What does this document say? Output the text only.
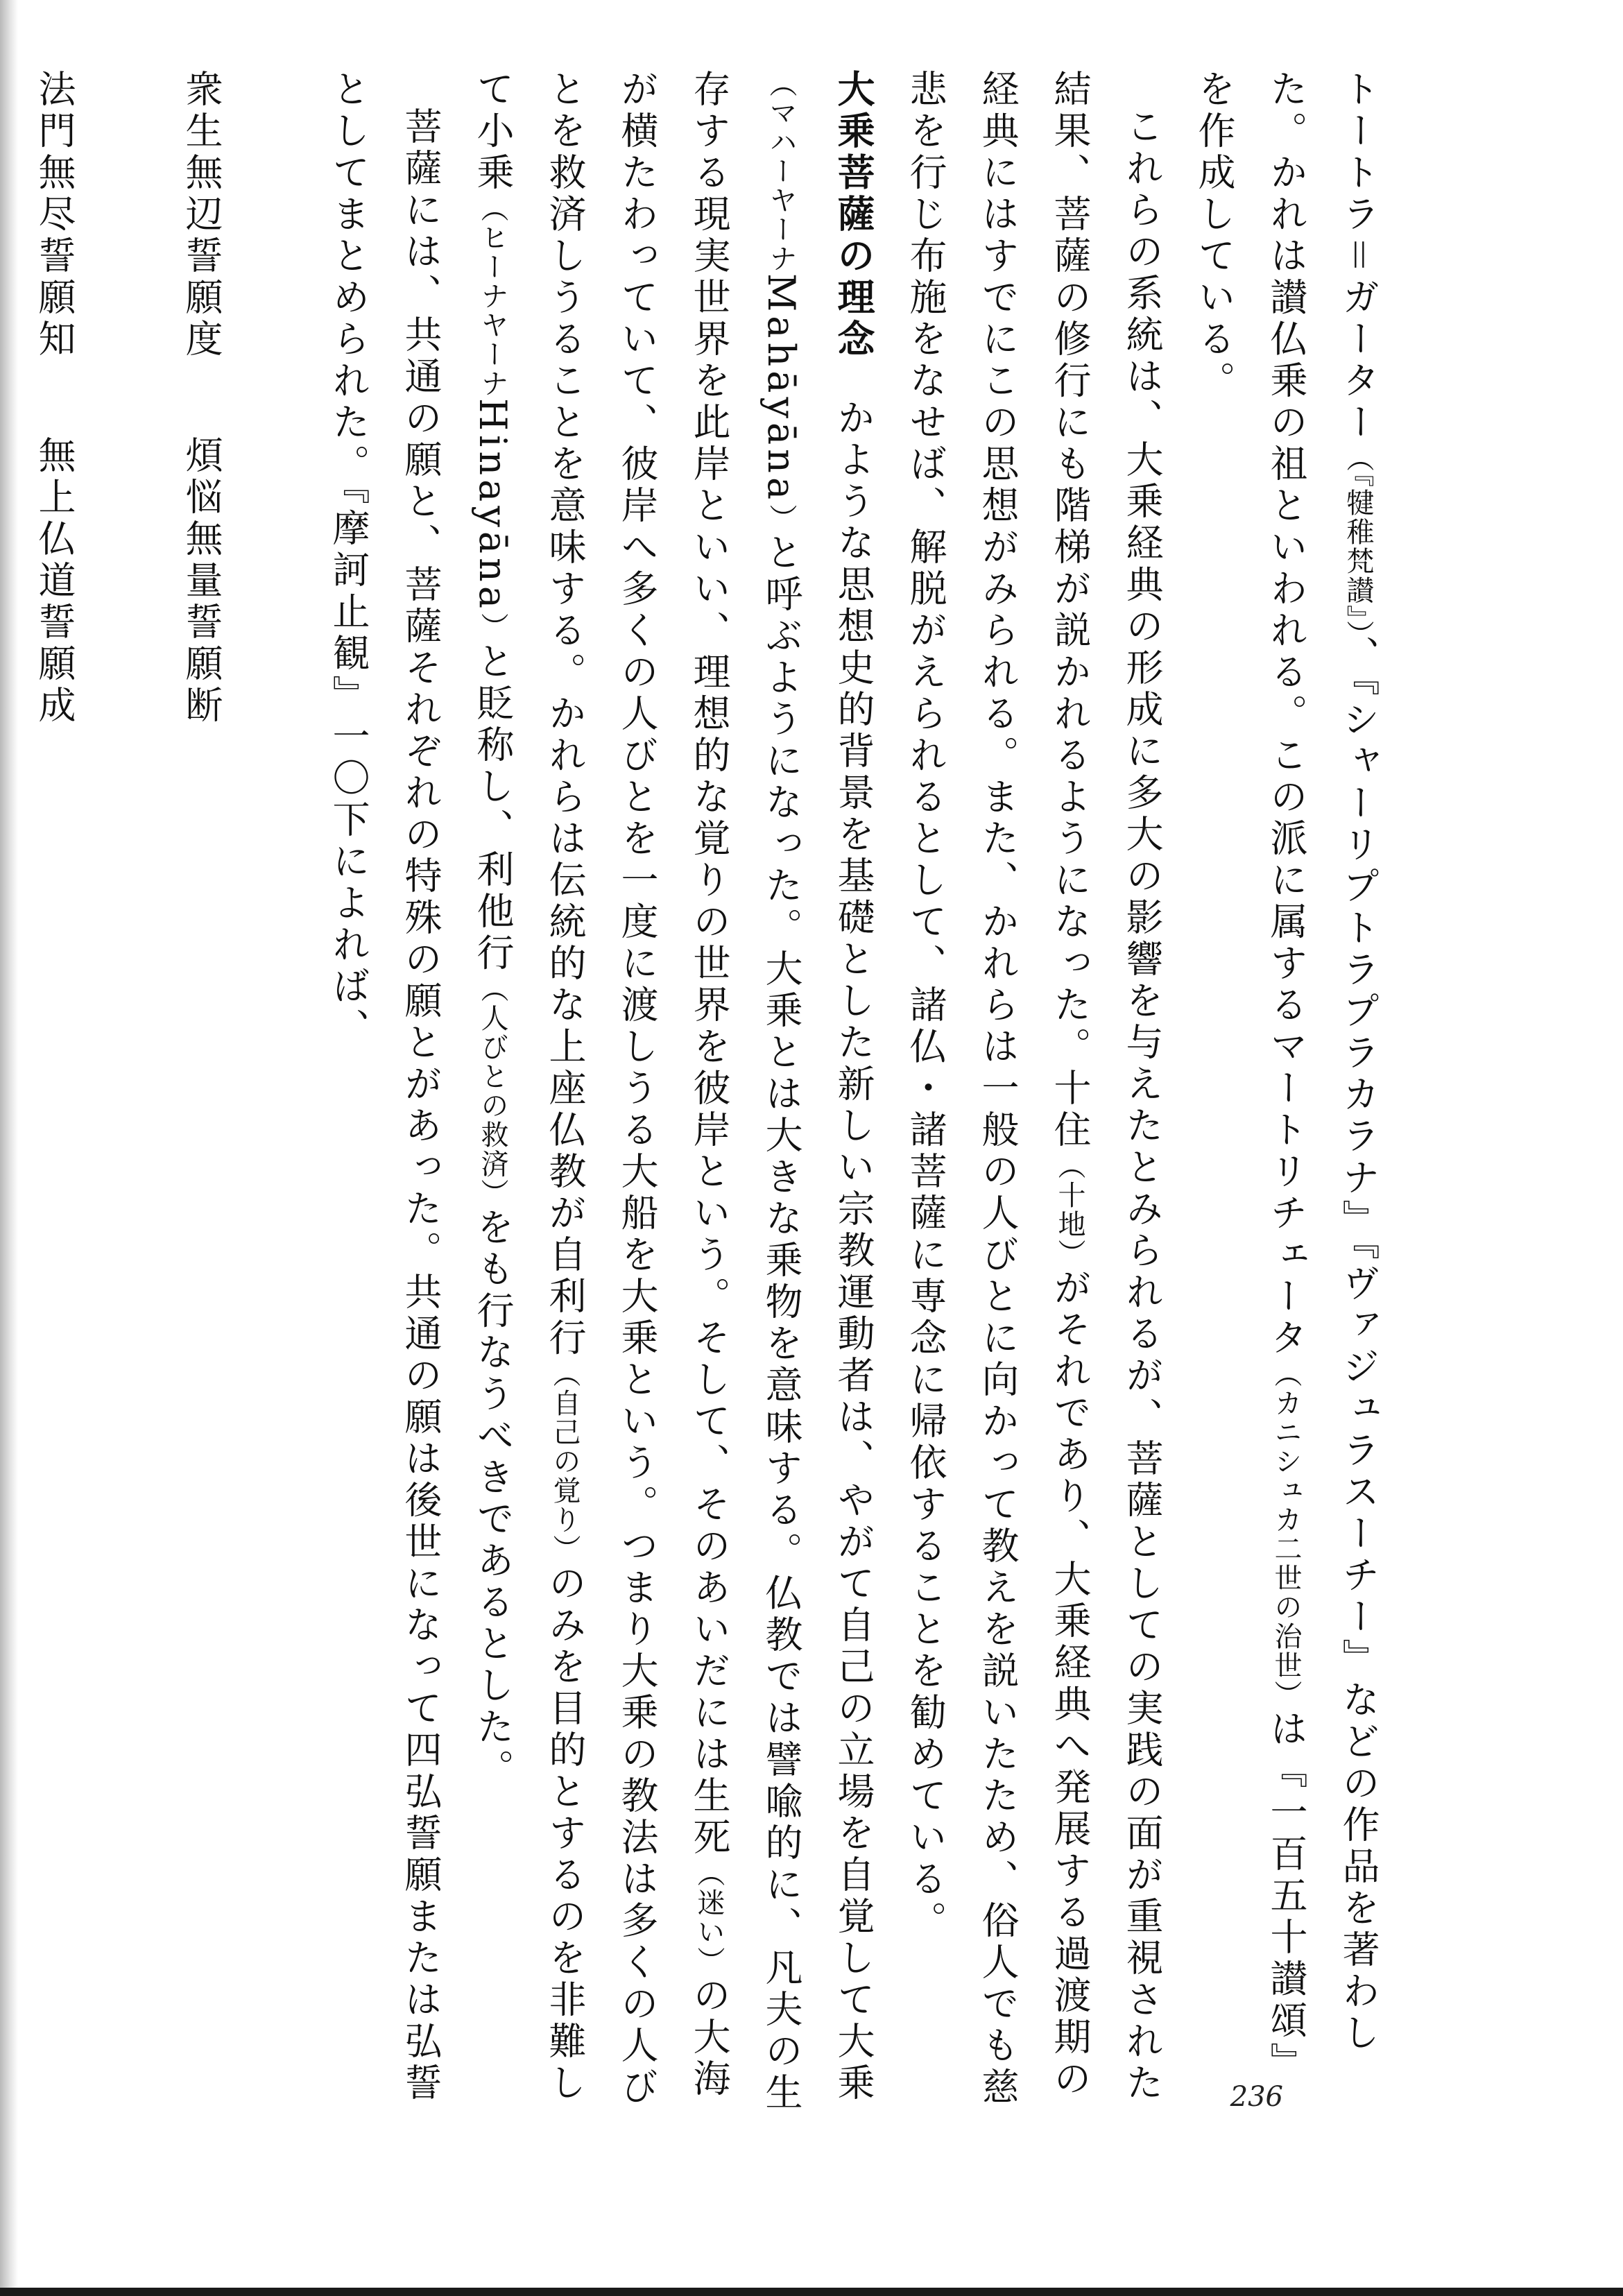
トートラ＝ガーター（『犍稚梵讃』）、『シャーリプトラプラカラナ』『ヴァジュラスーチー』などの作品を著わした。かれは讃仏乗の祖といわれる。この派に属するマートリチェータ（カニシュカ二世の治世）は『一百五十讃頌』を作成している。

これらの系統は、大乗経典の形成に多大の影響を与えたとみられるが、菩薩としての実践の面が重視された結果、菩薩の修行にも階梯が説かれるようになった。十住（十地）がそれであり、大乗経典へ発展する過渡期の経典にはすでにこの思想がみられる。また、かれらは一般の人びとに向かって教えを説いたため、俗人でも慈悲を行じ布施をなせば、解脱がえられるとして、諸仏・諸菩薩に専念に帰依することを勧めている。

大乗菩薩の理念かような思想史的背景を基礎とした新しい宗教運動者は、やがて自己の立場を自覚して大乗（マハーヤーナMahāyāna）と呼ぶようになった。大乗とは大きな乗物を意味する。仏教では譬喩的に、凡夫の生存する現実世界を此岸といい、理想的な覚りの世界を彼岸という。そして、そのあいだには生死（迷い）の大海が横たわっていて、彼岸へ多くの人びとを一度に渡しうる大船を大乗という。つまり大乗の教法は多くの人びとを救済しうることを意味する。かれらは伝統的な上座仏教が自利行（自己の覚り）のみを目的とするのを非難して小乗（ヒーナヤーナHinayāna）と貶称し、利他行（人びとの救済）をも行なうべきであるとした。

菩薩には、共通の願と、菩薩それぞれの特殊の願とがあった。共通の願は後世になって四弘誓願または弘誓としてまとめられた。『摩訶止観』一〇下によれば、

衆生無辺誓願度煩悩無量誓願断

法門無尽誓願知無上仏道誓願成

236
